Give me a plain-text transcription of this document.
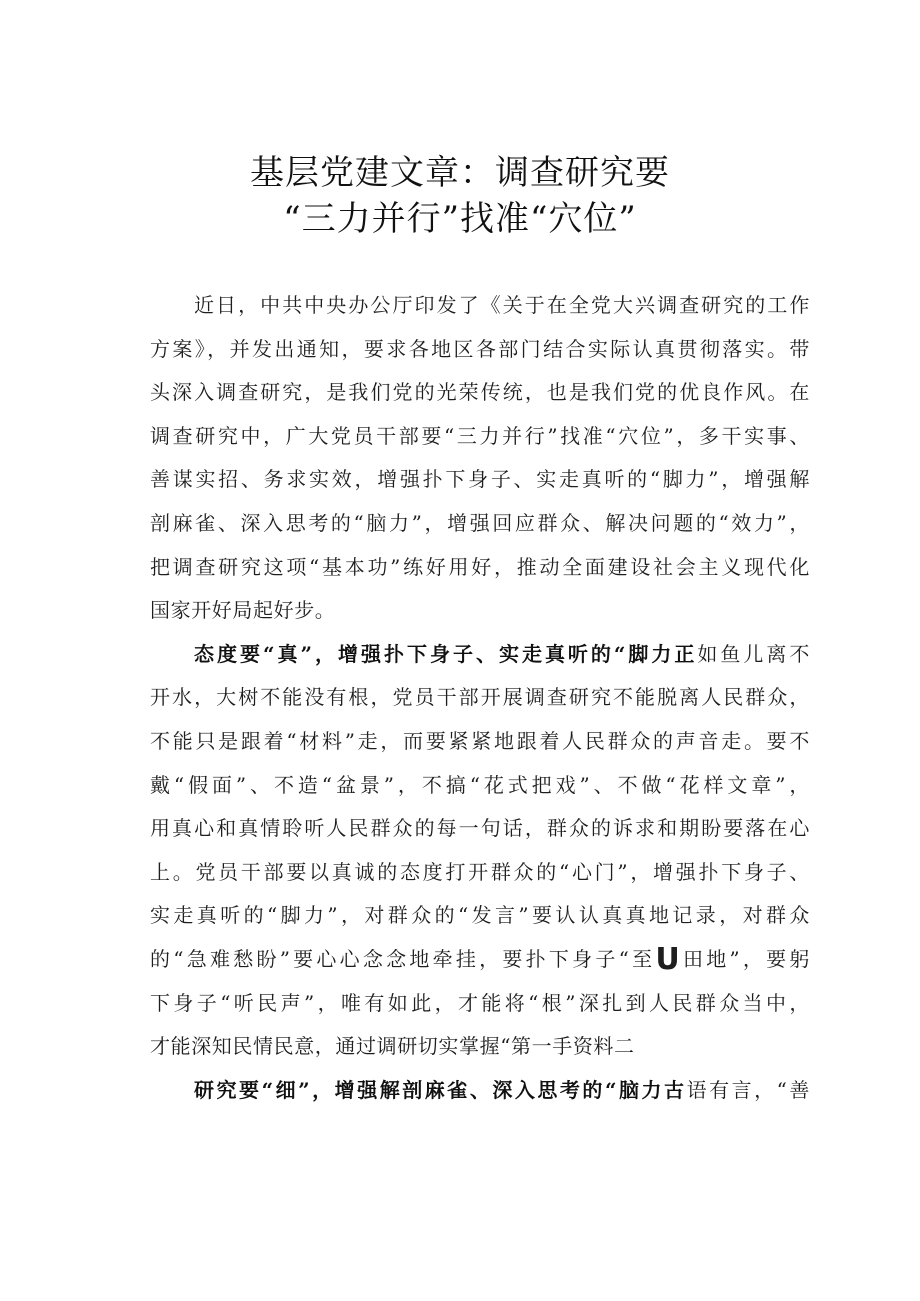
基层党建文章：调查研究要
“三力并行”找准“穴位”
近日，中共中央办公厅印发了《关于在全党大兴调查研究的工作
方案》，并发出通知，要求各地区各部门结合实际认真贯彻落实。带
头深入调查研究，是我们党的光荣传统，也是我们党的优良作风。在
调查研究中，广大党员干部要“三力并行”找准“穴位”，多干实事、
善谋实招、务求实效，增强扑下身子、实走真听的“脚力”，增强解
剖麻雀、深入思考的“脑力”，增强回应群众、解决问题的“效力”，
把调查研究这项“基本功”练好用好，推动全面建设社会主义现代化
国家开好局起好步。
态度要“真”，增强扑下身子、实走真听的“脚力正如鱼儿离不
开水，大树不能没有根，党员干部开展调查研究不能脱离人民群众，
不能只是跟着“材料”走，而要紧紧地跟着人民群众的声音走。要不
戴“假面”、不造“盆景”，不搞“花式把戏”、不做“花样文章”，
用真心和真情聆听人民群众的每一句话，群众的诉求和期盼要落在心
上。党员干部要以真诚的态度打开群众的“心门”，增强扑下身子、
实走真听的“脚力”，对群众的“发言”要认认真真地记录，对群众
的“急难愁盼”要心心念念地牵挂，要扑下身子“至U田地”，要躬
下身子“听民声”，唯有如此，才能将“根”深扎到人民群众当中，
才能深知民情民意，通过调研切实掌握“第一手资料二
研究要“细”，增强解剖麻雀、深入思考的“脑力古语有言，“善
